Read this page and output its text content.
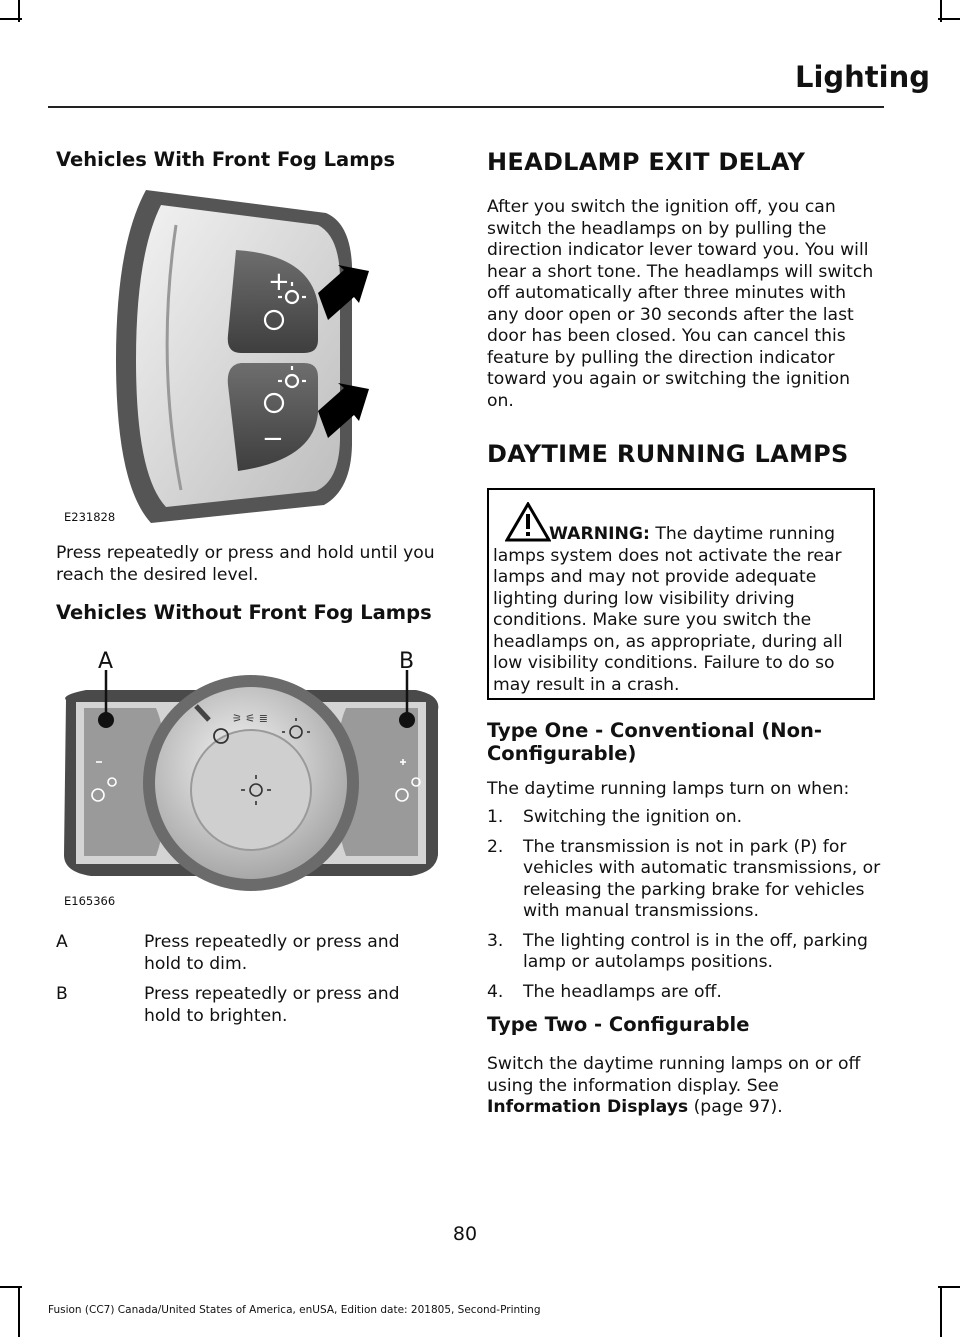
Lighting
Vehicles With Front Fog Lamps
+
−
E231828

Press repeatedly or press and hold until you reach the desired level.

Vehicles Without Front Fog Lamps
⚞ ⚟ ≣
A	B
E165366
A	Press repeatedly or press and hold to dim.
B	Press repeatedly or press and hold to brighten.
HEADLAMP EXIT DELAY

After you switch the ignition off, you can switch the headlamps on by pulling the direction indicator lever toward you. You will hear a short tone. The headlamps will switch off automatically after three minutes with any door open or 30 seconds after the last door has been closed. You can cancel this feature by pulling the direction indicator toward you again or switching the ignition on.

DAYTIME RUNNING LAMPS

WARNING: The daytime running lamps system does not activate the rear lamps and may not provide adequate lighting during low visibility driving conditions. Make sure you switch the headlamps on, as appropriate, during all low visibility conditions. Failure to do so may result in a crash.

Type One - Conventional (Non-Configurable)

The daytime running lamps turn on when:

1. Switching the ignition on.
2. The transmission is not in park (P) for vehicles with automatic transmissions, or releasing the parking brake for vehicles with manual transmissions.
3. The lighting control is in the off, parking lamp or autolamps positions.
4. The headlamps are off.
Type Two - Configurable

Switch the daytime running lamps on or off using the information display. See Information Displays (page 97).

80
Fusion (CC7) Canada/United States of America, enUSA, Edition date: 201805, Second-Printing
